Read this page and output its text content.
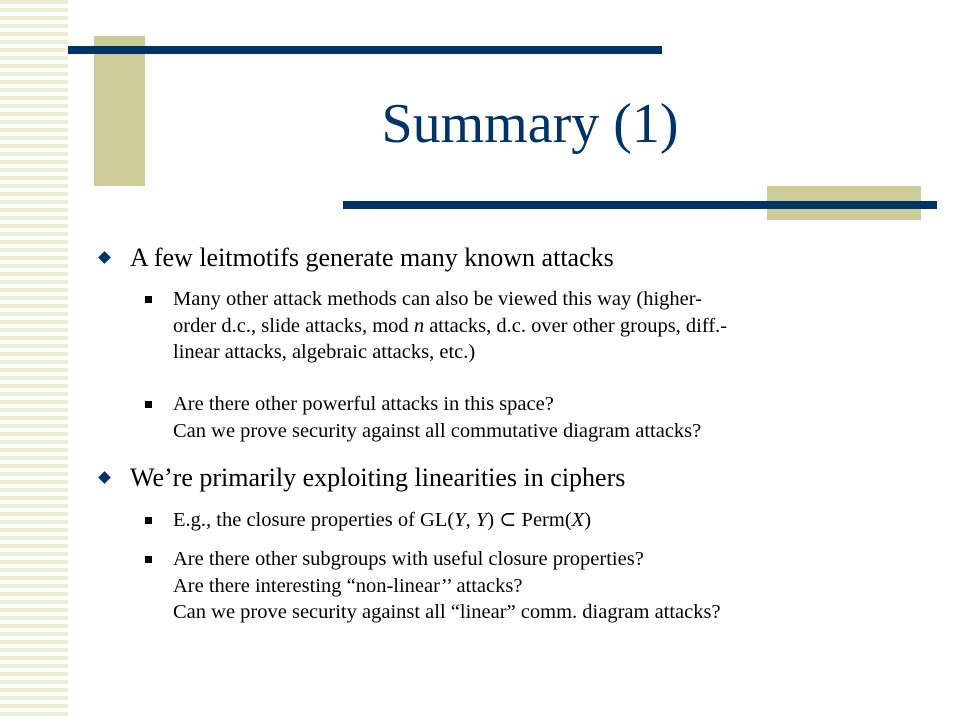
Summary (1)

A few leitmotifs generate many known attacks

Many other attack methods can also be viewed this way (higher-
order d.c., slide attacks, mod n attacks, d.c. over other groups, diff.-
linear attacks, algebraic attacks, etc.)
Are there other powerful attacks in this space?
Can we prove security against all commutative diagram attacks?

We’re primarily exploiting linearities in ciphers

E.g., the closure properties of GL(Y, Y) ⊂ Perm(X)
Are there other subgroups with useful closure properties?
Are there interesting “non-linear’’ attacks?
Can we prove security against all “linear” comm. diagram attacks?
